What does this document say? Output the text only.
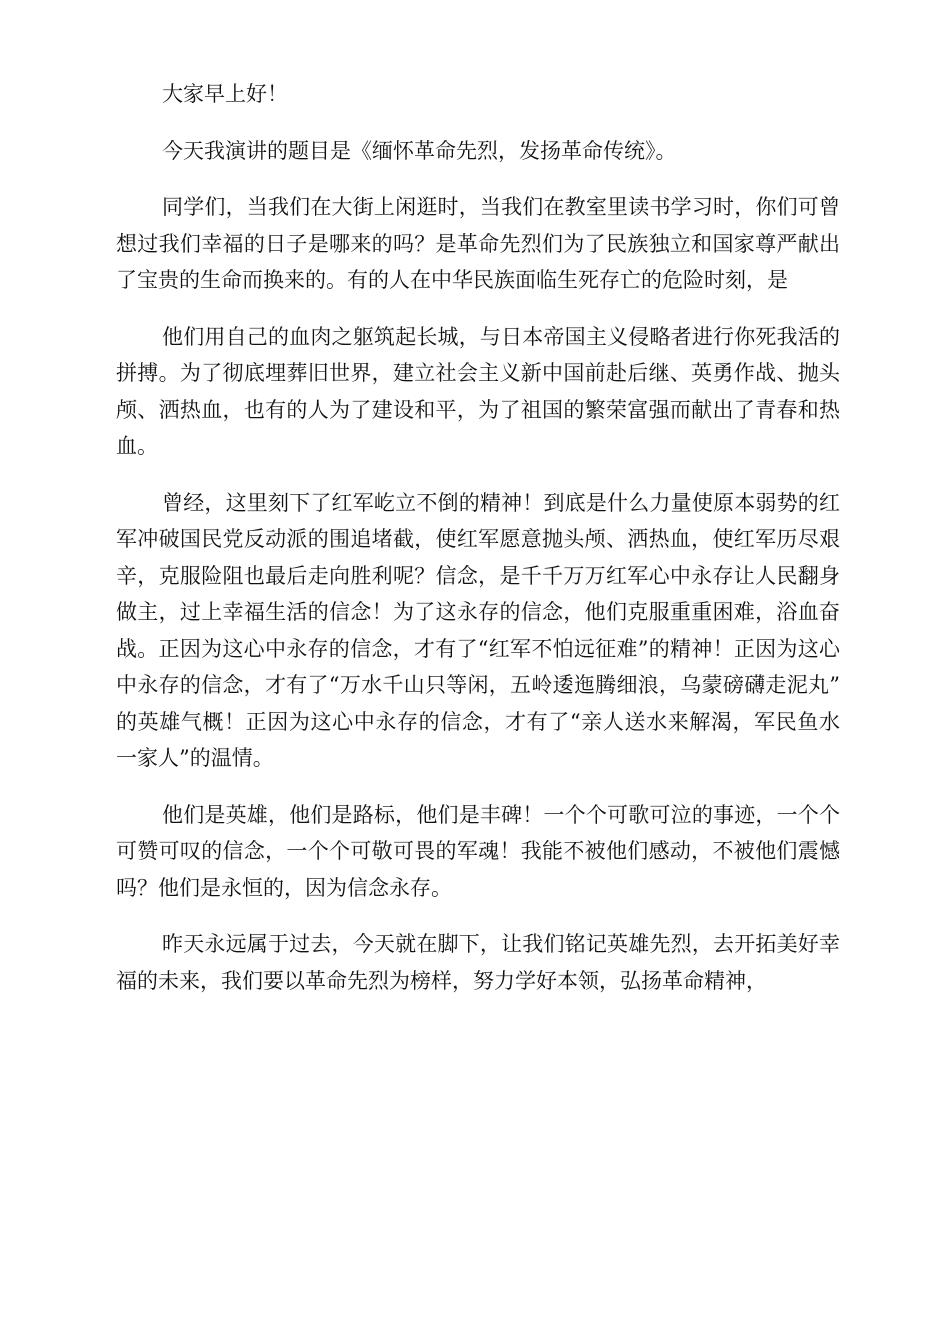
大家早上好！

今天我演讲的题目是《缅怀革命先烈，发扬革命传统》。

同学们，当我们在大街上闲逛时，当我们在教室里读书学习时，你们可曾想过我们幸福的日子是哪来的吗？是革命先烈们为了民族独立和国家尊严献出了宝贵的生命而换来的。有的人在中华民族面临生死存亡的危险时刻，是

他们用自己的血肉之躯筑起长城，与日本帝国主义侵略者进行你死我活的拼搏。为了彻底埋葬旧世界，建立社会主义新中国前赴后继、英勇作战、抛头颅、洒热血，也有的人为了建设和平，为了祖国的繁荣富强而献出了青春和热血。

曾经，这里刻下了红军屹立不倒的精神！到底是什么力量使原本弱势的红军冲破国民党反动派的围追堵截，使红军愿意抛头颅、洒热血，使红军历尽艰辛，克服险阻也最后走向胜利呢？信念，是千千万万红军心中永存让人民翻身做主，过上幸福生活的信念！为了这永存的信念，他们克服重重困难，浴血奋战。正因为这心中永存的信念，才有了“红军不怕远征难”的精神！正因为这心中永存的信念，才有了“万水千山只等闲，五岭逶迤腾细浪，乌蒙磅礴走泥丸”的英雄气概！正因为这心中永存的信念，才有了“亲人送水来解渴，军民鱼水一家人”的温情。

他们是英雄，他们是路标，他们是丰碑！一个个可歌可泣的事迹，一个个可赞可叹的信念，一个个可敬可畏的军魂！我能不被他们感动，不被他们震憾吗？他们是永恒的，因为信念永存。

昨天永远属于过去，今天就在脚下，让我们铭记英雄先烈，去开拓美好幸福的未来，我们要以革命先烈为榜样，努力学好本领，弘扬革命精神，
